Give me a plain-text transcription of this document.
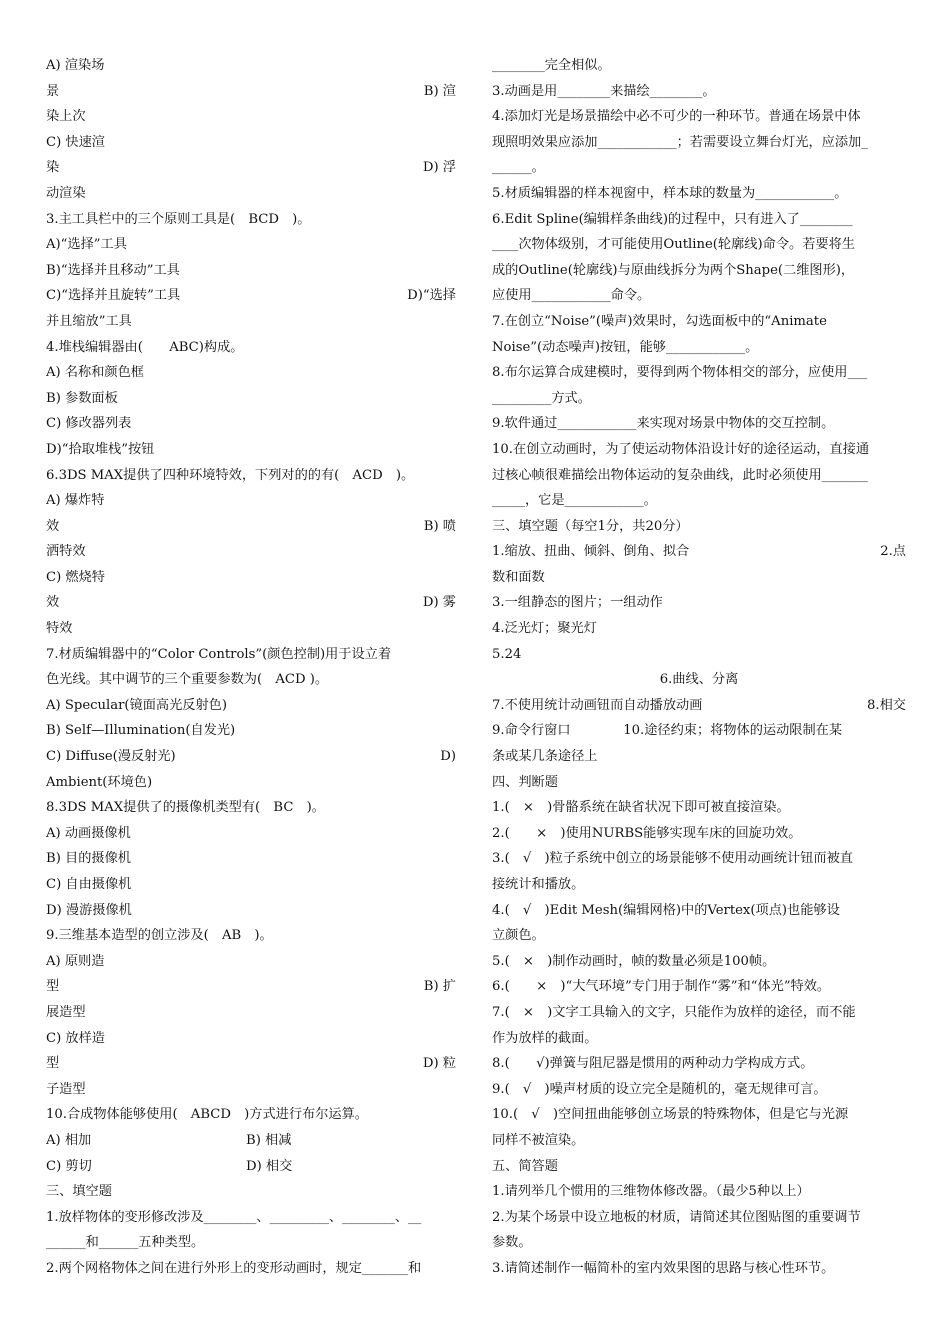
A) 渲染场
景	B) 渲
染上次
C) 快速渲
染	D) 浮
动渲染
3.主工具栏中的三个原则工具是(　BCD　)。
A)“选择”工具
B)“选择并且移动”工具
C)“选择并且旋转”工具	D)“选择
并且缩放”工具
4.堆栈编辑器由(　　ABC)构成。
A) 名称和颜色框
B) 参数面板
C) 修改器列表
D)“拾取堆栈”按钮
6.3DS MAX提供了四种环境特效，下列对的的有(　ACD　)。
A) 爆炸特
效	B) 喷
洒特效
C) 燃烧特
效	D) 雾
特效
7.材质编辑器中的“Color Controls”(颜色控制)用于设立着
色光线。其中调节的三个重要参数为(　ACD )。
A) Specular(镜面高光反射色)
B) Self—Illumination(自发光)
C) Diffuse(漫反射光)	D)
Ambient(环境色)
8.3DS MAX提供了的摄像机类型有(　BC　)。
A) 动画摄像机
B) 目的摄像机
C) 自由摄像机
D) 漫游摄像机
9.三维基本造型的创立涉及(　AB　)。
A) 原则造
型	B) 扩
展造型
C) 放样造
型	D) 粒
子造型
10.合成物体能够使用(　ABCD　)方式进行布尔运算。
A) 相加	B) 相减
C) 剪切	D) 相交
三、填空题
1.放样物体的变形修改涉及________、_________、________、__
______和______五种类型。
2.两个网格物体之间在进行外形上的变形动画时，规定_______和
________完全相似。
3.动画是用________来描绘________。
4.添加灯光是场景描绘中必不可少的一种环节。普通在场景中体
现照明效果应添加____________；若需要设立舞台灯光，应添加_
______。
5.材质编辑器的样本视窗中，样本球的数量为____________。
6.Edit Spline(编辑样条曲线)的过程中，只有进入了________
____次物体级别，才可能使用Outline(轮廓线)命令。若要将生
成的Outline(轮廓线)与原曲线拆分为两个Shape(二维图形)，
应使用____________命令。
7.在创立“Noise”(噪声)效果时，勾选面板中的“Animate
Noise”(动态噪声)按钮，能够____________。
8.布尔运算合成建模时，要得到两个物体相交的部分，应使用___
_________方式。
9.软件通过____________来实现对场景中物体的交互控制。
10.在创立动画时，为了使运动物体沿设计好的途径运动，直接通
过核心帧很难描绘出物体运动的复杂曲线，此时必须使用_______
_____，它是____________。
三、填空题（每空1分，共20分）
1.缩放、扭曲、倾斜、倒角、拟合	2.点
数和面数
3.一组静态的图片；一组动作
4.泛光灯；聚光灯
5.24
6.曲线、分离
7.不使用统计动画钮而自动播放动画	8.相交
9.命令行窗口　　　　10.途径约束；将物体的运动限制在某
条或某几条途径上
四、判断题
1.(　×　)骨骼系统在缺省状况下即可被直接渲染。
2.(　　×　)使用NURBS能够实现车床的回旋功效。
3.(　√　)粒子系统中创立的场景能够不使用动画统计钮而被直
接统计和播放。
4.(　√　)Edit Mesh(编辑网格)中的Vertex(项点)也能够设
立颜色。
5.(　×　)制作动画时，帧的数量必须是100帧。
6.(　　×　)“大气环境”专门用于制作“雾”和“体光”特效。
7.(　×　)文字工具输入的文字，只能作为放样的途径，而不能
作为放样的截面。
8.(　　√)弹簧与阻尼器是惯用的两种动力学构成方式。
9.(　√　)噪声材质的设立完全是随机的，毫无规律可言。
10.(　√　)空间扭曲能够创立场景的特殊物体，但是它与光源
同样不被渲染。
五、简答题
1.请列举几个惯用的三维物体修改器。（最少5种以上）
2.为某个场景中设立地板的材质，请简述其位图贴图的重要调节
参数。
3.请简述制作一幅简朴的室内效果图的思路与核心性环节。
